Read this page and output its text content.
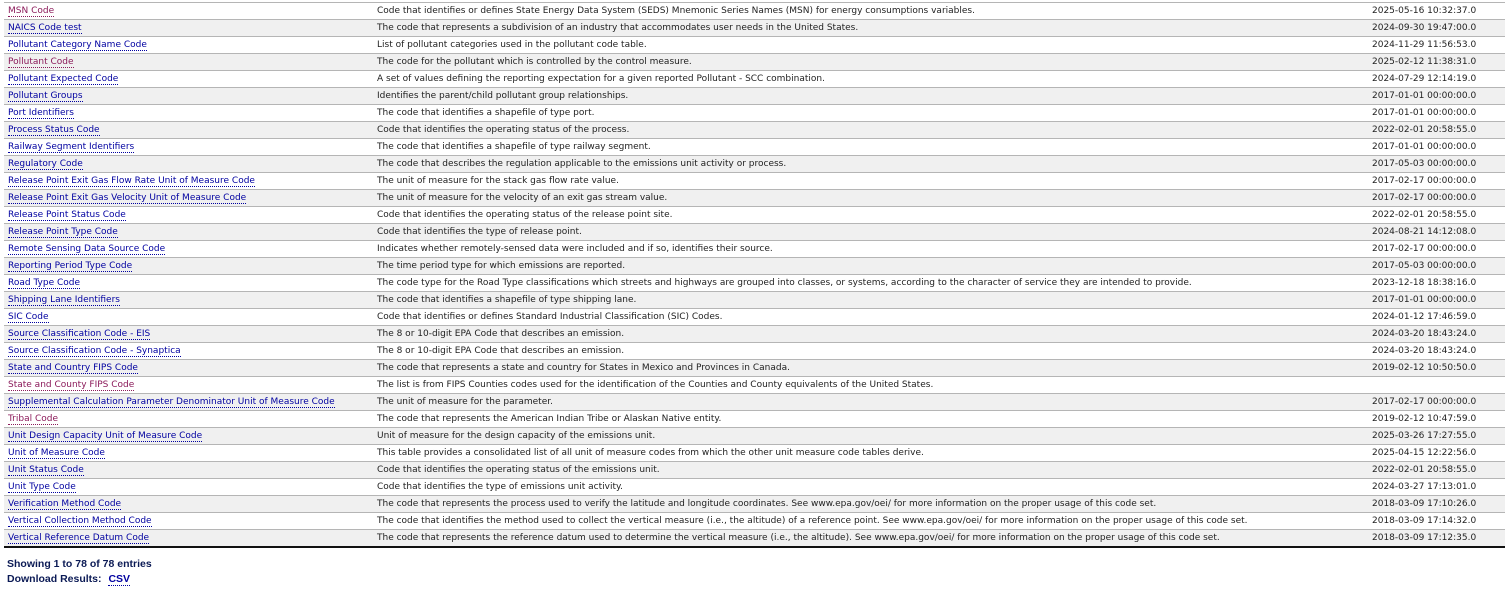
MSN Code	Code that identifies or defines State Energy Data System (SEDS) Mnemonic Series Names (MSN) for energy consumptions variables.	2025-05-16 10:32:37.0
NAICS Code test	The code that represents a subdivision of an industry that accommodates user needs in the United States.	2024-09-30 19:47:00.0
Pollutant Category Name Code	List of pollutant categories used in the pollutant code table.	2024-11-29 11:56:53.0
Pollutant Code	The code for the pollutant which is controlled by the control measure.	2025-02-12 11:38:31.0
Pollutant Expected Code	A set of values defining the reporting expectation for a given reported Pollutant - SCC combination.	2024-07-29 12:14:19.0
Pollutant Groups	Identifies the parent/child pollutant group relationships.	2017-01-01 00:00:00.0
Port Identifiers	The code that identifies a shapefile of type port.	2017-01-01 00:00:00.0
Process Status Code	Code that identifies the operating status of the process.	2022-02-01 20:58:55.0
Railway Segment Identifiers	The code that identifies a shapefile of type railway segment.	2017-01-01 00:00:00.0
Regulatory Code	The code that describes the regulation applicable to the emissions unit activity or process.	2017-05-03 00:00:00.0
Release Point Exit Gas Flow Rate Unit of Measure Code	The unit of measure for the stack gas flow rate value.	2017-02-17 00:00:00.0
Release Point Exit Gas Velocity Unit of Measure Code	The unit of measure for the velocity of an exit gas stream value.	2017-02-17 00:00:00.0
Release Point Status Code	Code that identifies the operating status of the release point site.	2022-02-01 20:58:55.0
Release Point Type Code	Code that identifies the type of release point.	2024-08-21 14:12:08.0
Remote Sensing Data Source Code	Indicates whether remotely-sensed data were included and if so, identifies their source.	2017-02-17 00:00:00.0
Reporting Period Type Code	The time period type for which emissions are reported.	2017-05-03 00:00:00.0
Road Type Code	The code type for the Road Type classifications which streets and highways are grouped into classes, or systems, according to the character of service they are intended to provide.	2023-12-18 18:38:16.0
Shipping Lane Identifiers	The code that identifies a shapefile of type shipping lane.	2017-01-01 00:00:00.0
SIC Code	Code that identifies or defines Standard Industrial Classification (SIC) Codes.	2024-01-12 17:46:59.0
Source Classification Code - EIS	The 8 or 10-digit EPA Code that describes an emission.	2024-03-20 18:43:24.0
Source Classification Code - Synaptica	The 8 or 10-digit EPA Code that describes an emission.	2024-03-20 18:43:24.0
State and Country FIPS Code	The code that represents a state and country for States in Mexico and Provinces in Canada.	2019-02-12 10:50:50.0
State and County FIPS Code	The list is from FIPS Counties codes used for the identification of the Counties and County equivalents of the United States.	
Supplemental Calculation Parameter Denominator Unit of Measure Code	The unit of measure for the parameter.	2017-02-17 00:00:00.0
Tribal Code	The code that represents the American Indian Tribe or Alaskan Native entity.	2019-02-12 10:47:59.0
Unit Design Capacity Unit of Measure Code	Unit of measure for the design capacity of the emissions unit.	2025-03-26 17:27:55.0
Unit of Measure Code	This table provides a consolidated list of all unit of measure codes from which the other unit measure code tables derive.	2025-04-15 12:22:56.0
Unit Status Code	Code that identifies the operating status of the emissions unit.	2022-02-01 20:58:55.0
Unit Type Code	Code that identifies the type of emissions unit activity.	2024-03-27 17:13:01.0
Verification Method Code	The code that represents the process used to verify the latitude and longitude coordinates. See www.epa.gov/oei/ for more information on the proper usage of this code set.	2018-03-09 17:10:26.0
Vertical Collection Method Code	The code that identifies the method used to collect the vertical measure (i.e., the altitude) of a reference point. See www.epa.gov/oei/ for more information on the proper usage of this code set.	2018-03-09 17:14:32.0
Vertical Reference Datum Code	The code that represents the reference datum used to determine the vertical measure (i.e., the altitude). See www.epa.gov/oei/ for more information on the proper usage of this code set.	2018-03-09 17:12:35.0
Showing 1 to 78 of 78 entries
Download Results: CSV
